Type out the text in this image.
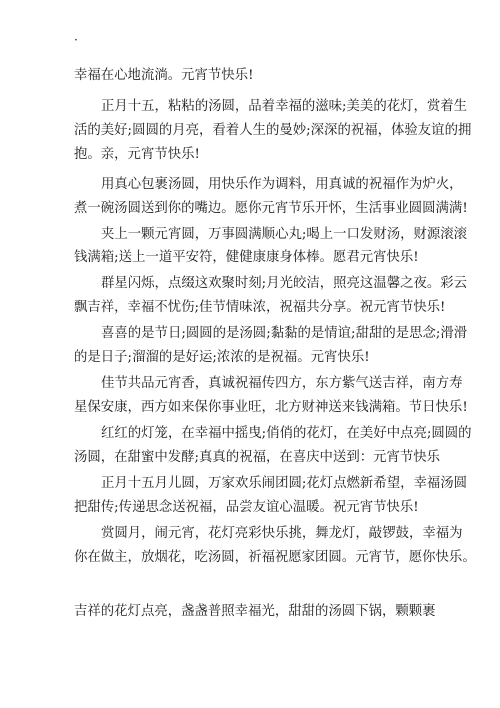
·
幸福在心地流淌。元宵节快乐!
正月十五，粘粘的汤圆，品着幸福的滋味;美美的花灯，赏着生
活的美好;圆圆的月亮，看着人生的曼妙;深深的祝福，体验友谊的拥
抱。亲，元宵节快乐!
用真心包裹汤圆，用快乐作为调料，用真诚的祝福作为炉火，
煮一碗汤圆送到你的嘴边。愿你元宵节乐开怀，生活事业圆圆满满!
夹上一颗元宵圆，万事圆满顺心丸;喝上一口发财汤，财源滚滚
钱满箱;送上一道平安符，健健康康身体棒。愿君元宵快乐!
群星闪烁，点缀这欢聚时刻;月光皎洁，照亮这温馨之夜。彩云
飘吉祥，幸福不忧伤;佳节情味浓，祝福共分享。祝元宵节快乐!
喜喜的是节日;圆圆的是汤圆;黏黏的是情谊;甜甜的是思念;滑滑
的是日子;溜溜的是好运;浓浓的是祝福。元宵快乐!
佳节共品元宵香，真诚祝福传四方，东方紫气送吉祥，南方寿
星保安康，西方如来保你事业旺，北方财神送来钱满箱。节日快乐!
红红的灯笼，在幸福中摇曳;俏俏的花灯，在美好中点亮;圆圆的
汤圆，在甜蜜中发酵;真真的祝福，在喜庆中送到：元宵节快乐
正月十五月儿圆，万家欢乐闹团圆;花灯点燃新希望，幸福汤圆
把甜传;传递思念送祝福，品尝友谊心温暖。祝元宵节快乐!
赏圆月，闹元宵，花灯亮彩快乐挑，舞龙灯，敲锣鼓，幸福为
你在做主，放烟花，吃汤圆，祈福祝愿家团圆。元宵节，愿你快乐。
吉祥的花灯点亮，盏盏普照幸福光，甜甜的汤圆下锅，颗颗裹
